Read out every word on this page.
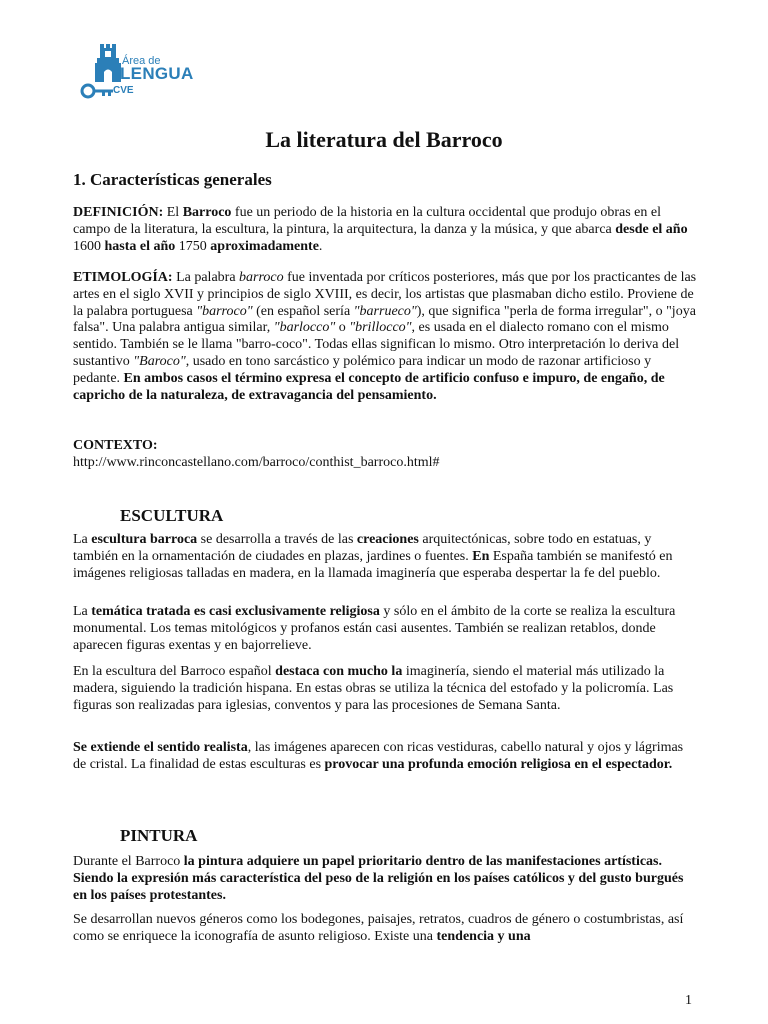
Área de
LENGUA
CVE
La literatura del Barroco
1. Características generales

DEFINICIÓN: El Barroco fue un periodo de la historia en la cultura occidental que produjo obras en el campo de la literatura, la escultura, la pintura, la arquitectura, la danza y la música, y que abarca desde el año 1600 hasta el año 1750 aproximadamente.

ETIMOLOGÍA: La palabra barroco fue inventada por críticos posteriores, más que por los practicantes de las artes en el siglo XVII y principios de siglo XVIII, es decir, los artistas que plasmaban dicho estilo. Proviene de la palabra portuguesa "barroco" (en español sería "barrueco"), que significa "perla de forma irregular", o "joya falsa". Una palabra antigua similar, "barlocco" o "brillocco", es usada en el dialecto romano con el mismo sentido. También se le llama "barro-coco". Todas ellas significan lo mismo. Otro interpretación lo deriva del sustantivo "Baroco", usado en tono sarcástico y polémico para indicar un modo de razonar artificioso y pedante. En ambos casos el término expresa el concepto de artificio confuso e impuro, de engaño, de capricho de la naturaleza, de extravagancia del pensamiento.

CONTEXTO:
http://www.rinconcastellano.com/barroco/conthist_barroco.html#

ESCULTURA

La escultura barroca se desarrolla a través de las creaciones arquitectónicas, sobre todo en estatuas, y también en la ornamentación de ciudades en plazas, jardines o fuentes. En España también se manifestó en imágenes religiosas talladas en madera, en la llamada imaginería que esperaba despertar la fe del pueblo.

La temática tratada es casi exclusivamente religiosa y sólo en el ámbito de la corte se realiza la escultura monumental. Los temas mitológicos y profanos están casi ausentes. También se realizan retablos, donde aparecen figuras exentas y en bajorrelieve.

En la escultura del Barroco español destaca con mucho la imaginería, siendo el material más utilizado la madera, siguiendo la tradición hispana. En estas obras se utiliza la técnica del estofado y la policromía. Las figuras son realizadas para iglesias, conventos y para las procesiones de Semana Santa.

Se extiende el sentido realista, las imágenes aparecen con ricas vestiduras, cabello natural y ojos y lágrimas de cristal. La finalidad de estas esculturas es provocar una profunda emoción religiosa en el espectador.

PINTURA

Durante el Barroco la pintura adquiere un papel prioritario dentro de las manifestaciones artísticas. Siendo la expresión más característica del peso de la religión en los países católicos y del gusto burgués en los países protestantes.

Se desarrollan nuevos géneros como los bodegones, paisajes, retratos, cuadros de género o costumbristas, así como se enriquece la iconografía de asunto religioso. Existe una tendencia y una

1
